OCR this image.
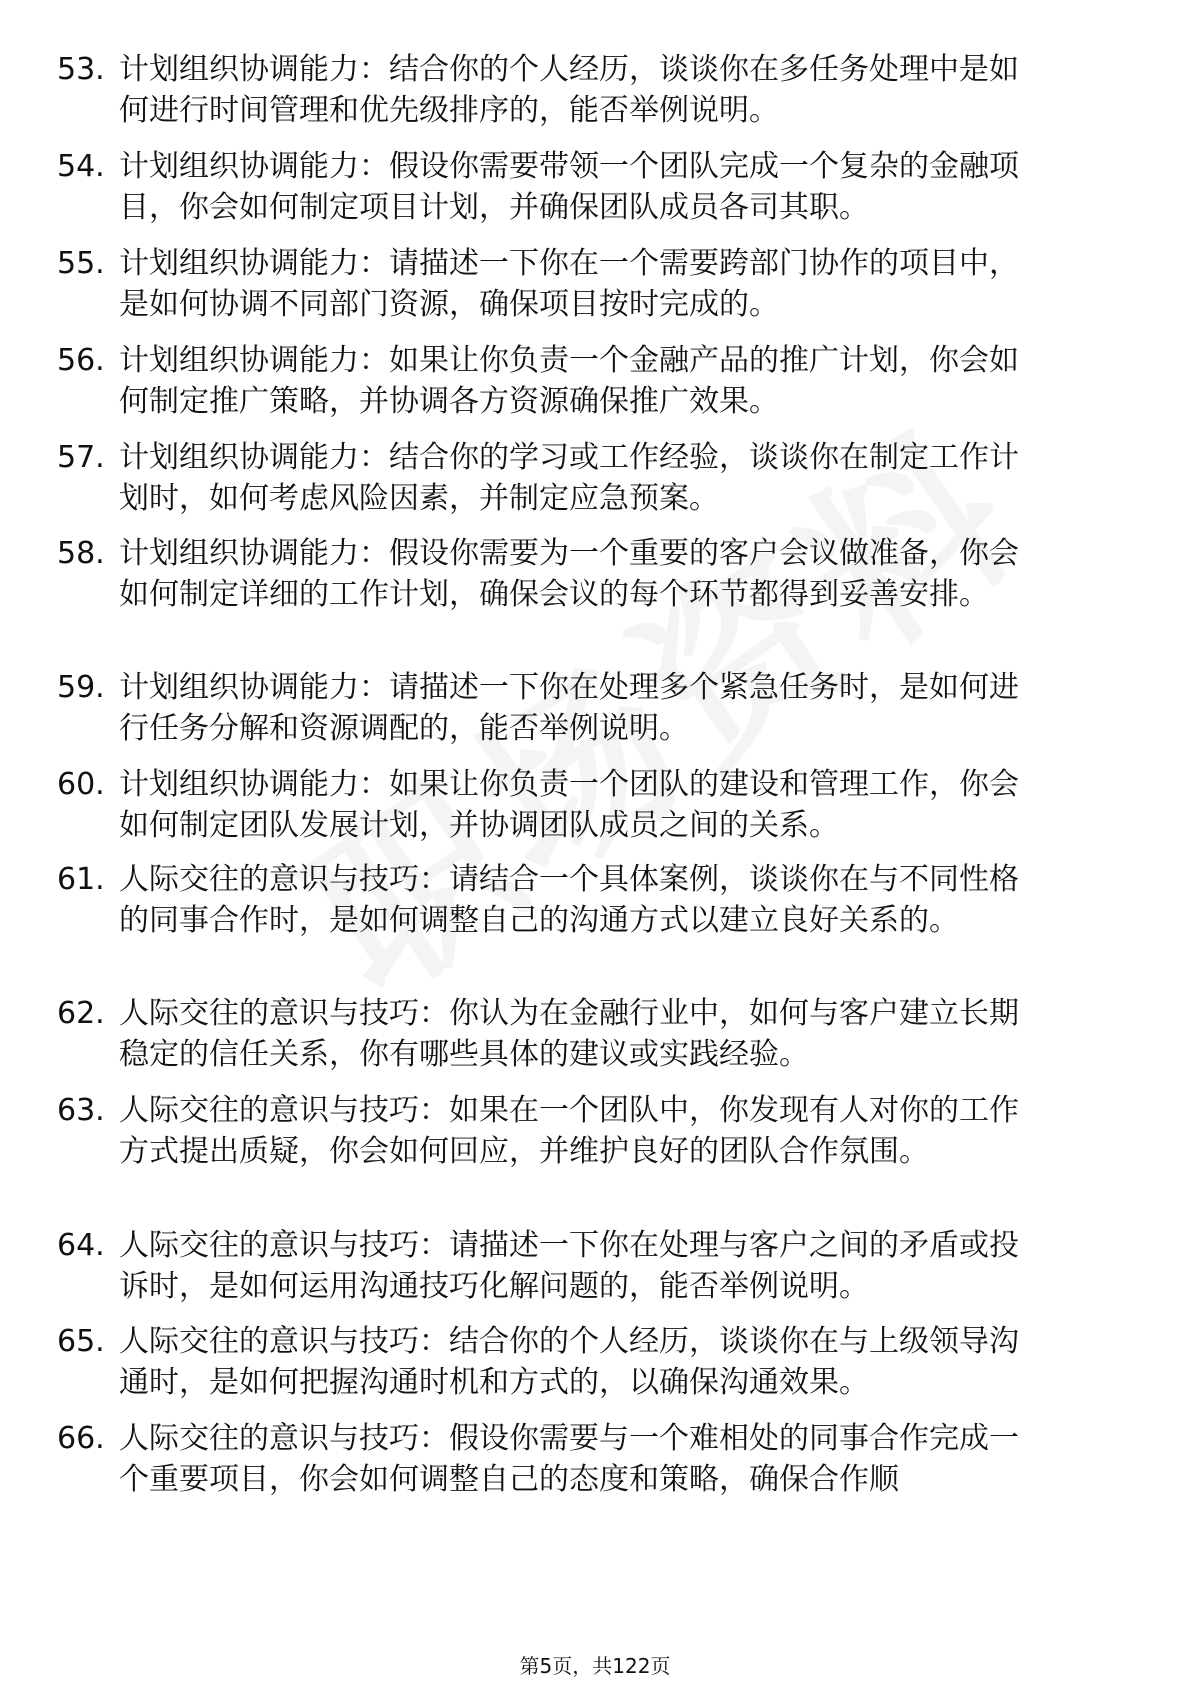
53. 计划组织协调能力：结合你的个人经历，谈谈你在多任务处理中是如何进行时间管理和优先级排序的，能否举例说明。
54. 计划组织协调能力：假设你需要带领一个团队完成一个复杂的金融项目，你会如何制定项目计划，并确保团队成员各司其职。
55. 计划组织协调能力：请描述一下你在一个需要跨部门协作的项目中，是如何协调不同部门资源，确保项目按时完成的。
56. 计划组织协调能力：如果让你负责一个金融产品的推广计划，你会如何制定推广策略，并协调各方资源确保推广效果。
57. 计划组织协调能力：结合你的学习或工作经验，谈谈你在制定工作计划时，如何考虑风险因素，并制定应急预案。
58. 计划组织协调能力：假设你需要为一个重要的客户会议做准备，你会如何制定详细的工作计划，确保会议的每个环节都得到妥善安排。
59. 计划组织协调能力：请描述一下你在处理多个紧急任务时，是如何进行任务分解和资源调配的，能否举例说明。
60. 计划组织协调能力：如果让你负责一个团队的建设和管理工作，你会如何制定团队发展计划，并协调团队成员之间的关系。
61. 人际交往的意识与技巧：请结合一个具体案例，谈谈你在与不同性格的同事合作时，是如何调整自己的沟通方式以建立良好关系的。
62. 人际交往的意识与技巧：你认为在金融行业中，如何与客户建立长期稳定的信任关系，你有哪些具体的建议或实践经验。
63. 人际交往的意识与技巧：如果在一个团队中，你发现有人对你的工作方式提出质疑，你会如何回应，并维护良好的团队合作氛围。
64. 人际交往的意识与技巧：请描述一下你在处理与客户之间的矛盾或投诉时，是如何运用沟通技巧化解问题的，能否举例说明。
65. 人际交往的意识与技巧：结合你的个人经历，谈谈你在与上级领导沟通时，是如何把握沟通时机和方式的，以确保沟通效果。
66. 人际交往的意识与技巧：假设你需要与一个难相处的同事合作完成一个重要项目，你会如何调整自己的态度和策略，确保合作顺
第5页，共122页
